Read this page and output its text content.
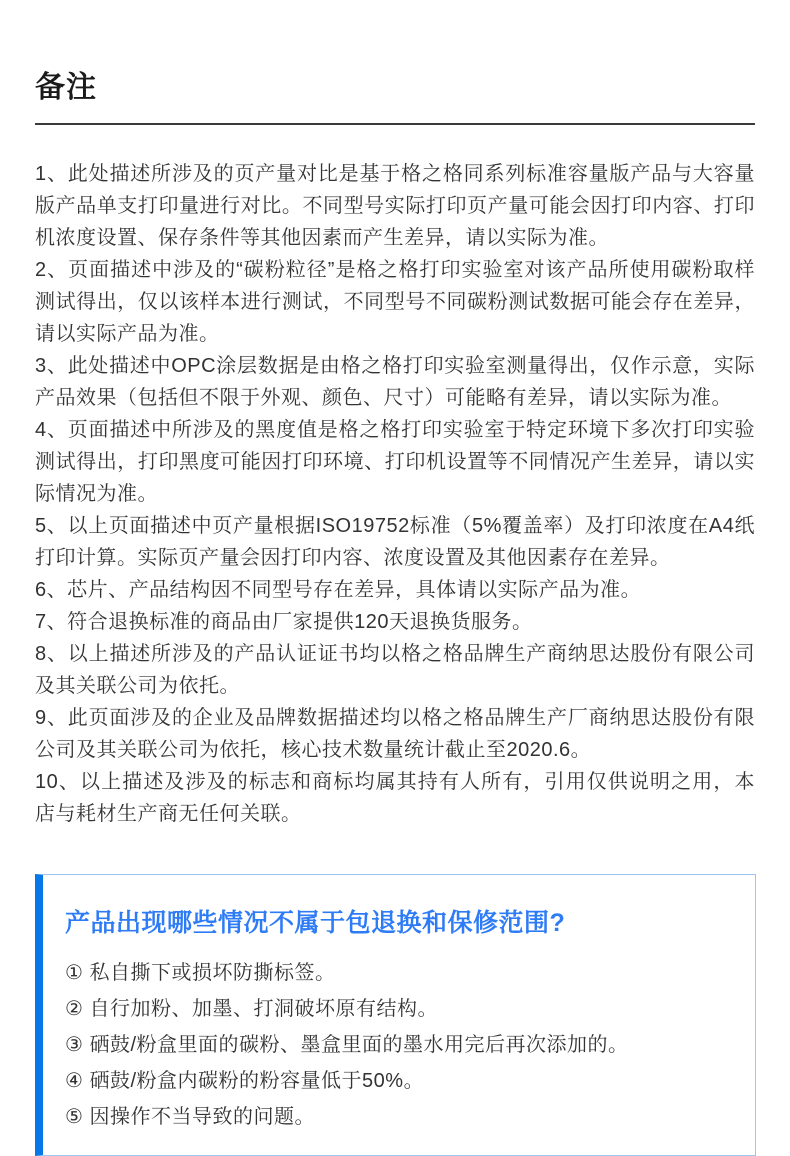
备注

1、此处描述所涉及的页产量对比是基于格之格同系列标准容量版产品与大容量版产品单支打印量进行对比。不同型号实际打印页产量可能会因打印内容、打印机浓度设置、保存条件等其他因素而产生差异，请以实际为准。

2、页面描述中涉及的“碳粉粒径”是格之格打印实验室对该产品所使用碳粉取样测试得出，仅以该样本进行测试，不同型号不同碳粉测试数据可能会存在差异，请以实际产品为准。

3、此处描述中OPC涂层数据是由格之格打印实验室测量得出，仅作示意，实际产品效果（包括但不限于外观、颜色、尺寸）可能略有差异，请以实际为准。

4、页面描述中所涉及的黑度值是格之格打印实验室于特定环境下多次打印实验测试得出，打印黑度可能因打印环境、打印机设置等不同情况产生差异，请以实际情况为准。

5、以上页面描述中页产量根据ISO19752标准（5%覆盖率）及打印浓度在A4纸打印计算。实际页产量会因打印内容、浓度设置及其他因素存在差异。

6、芯片、产品结构因不同型号存在差异，具体请以实际产品为准。

7、符合退换标准的商品由厂家提供120天退换货服务。

8、以上描述所涉及的产品认证证书均以格之格品牌生产商纳思达股份有限公司及其关联公司为依托。

9、此页面涉及的企业及品牌数据描述均以格之格品牌生产厂商纳思达股份有限公司及其关联公司为依托，核心技术数量统计截止至2020.6。

10、以上描述及涉及的标志和商标均属其持有人所有，引用仅供说明之用，本店与耗材生产商无任何关联。

产品出现哪些情况不属于包退换和保修范围?

① 私自撕下或损坏防撕标签。

② 自行加粉、加墨、打洞破坏原有结构。

③ 硒鼓/粉盒里面的碳粉、墨盒里面的墨水用完后再次添加的。

④ 硒鼓/粉盒内碳粉的粉容量低于50%。

⑤ 因操作不当导致的问题。
